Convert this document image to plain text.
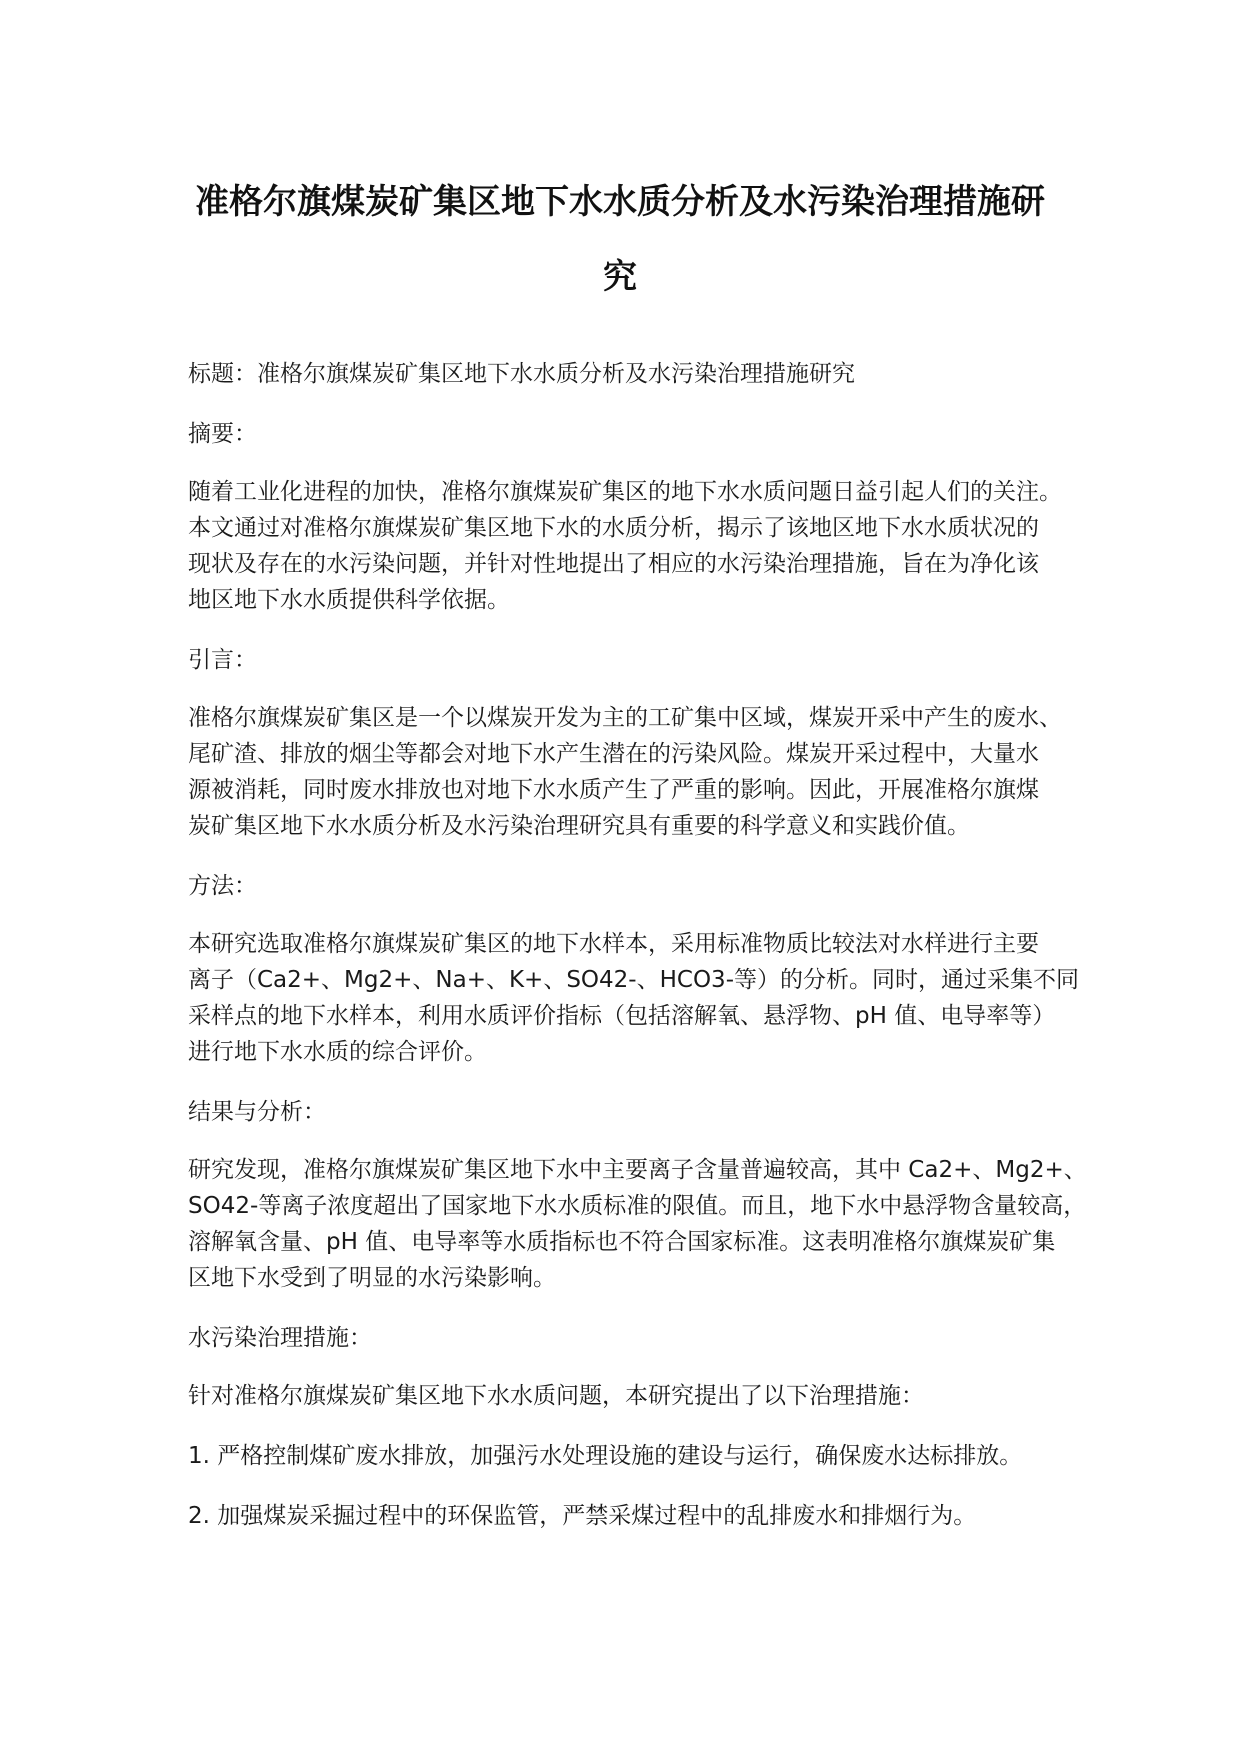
准格尔旗煤炭矿集区地下水水质分析及水污染治理措施研
究

标题：准格尔旗煤炭矿集区地下水水质分析及水污染治理措施研究

摘要：

随着工业化进程的加快，准格尔旗煤炭矿集区的地下水水质问题日益引起人们的关注。
本文通过对准格尔旗煤炭矿集区地下水的水质分析，揭示了该地区地下水水质状况的
现状及存在的水污染问题，并针对性地提出了相应的水污染治理措施，旨在为净化该
地区地下水水质提供科学依据。

引言：

准格尔旗煤炭矿集区是一个以煤炭开发为主的工矿集中区域，煤炭开采中产生的废水、
尾矿渣、排放的烟尘等都会对地下水产生潜在的污染风险。煤炭开采过程中，大量水
源被消耗，同时废水排放也对地下水水质产生了严重的影响。因此，开展准格尔旗煤
炭矿集区地下水水质分析及水污染治理研究具有重要的科学意义和实践价值。

方法：

本研究选取准格尔旗煤炭矿集区的地下水样本，采用标准物质比较法对水样进行主要
离子（Ca2+、Mg2+、Na+、K+、SO42-、HCO3-等）的分析。同时，通过采集不同
采样点的地下水样本，利用水质评价指标（包括溶解氧、悬浮物、pH 值、电导率等）
进行地下水水质的综合评价。

结果与分析：

研究发现，准格尔旗煤炭矿集区地下水中主要离子含量普遍较高，其中 Ca2+、Mg2+、
SO42-等离子浓度超出了国家地下水水质标准的限值。而且，地下水中悬浮物含量较高，
溶解氧含量、pH 值、电导率等水质指标也不符合国家标准。这表明准格尔旗煤炭矿集
区地下水受到了明显的水污染影响。

水污染治理措施：

针对准格尔旗煤炭矿集区地下水水质问题，本研究提出了以下治理措施：

1. 严格控制煤矿废水排放，加强污水处理设施的建设与运行，确保废水达标排放。

2. 加强煤炭采掘过程中的环保监管，严禁采煤过程中的乱排废水和排烟行为。
